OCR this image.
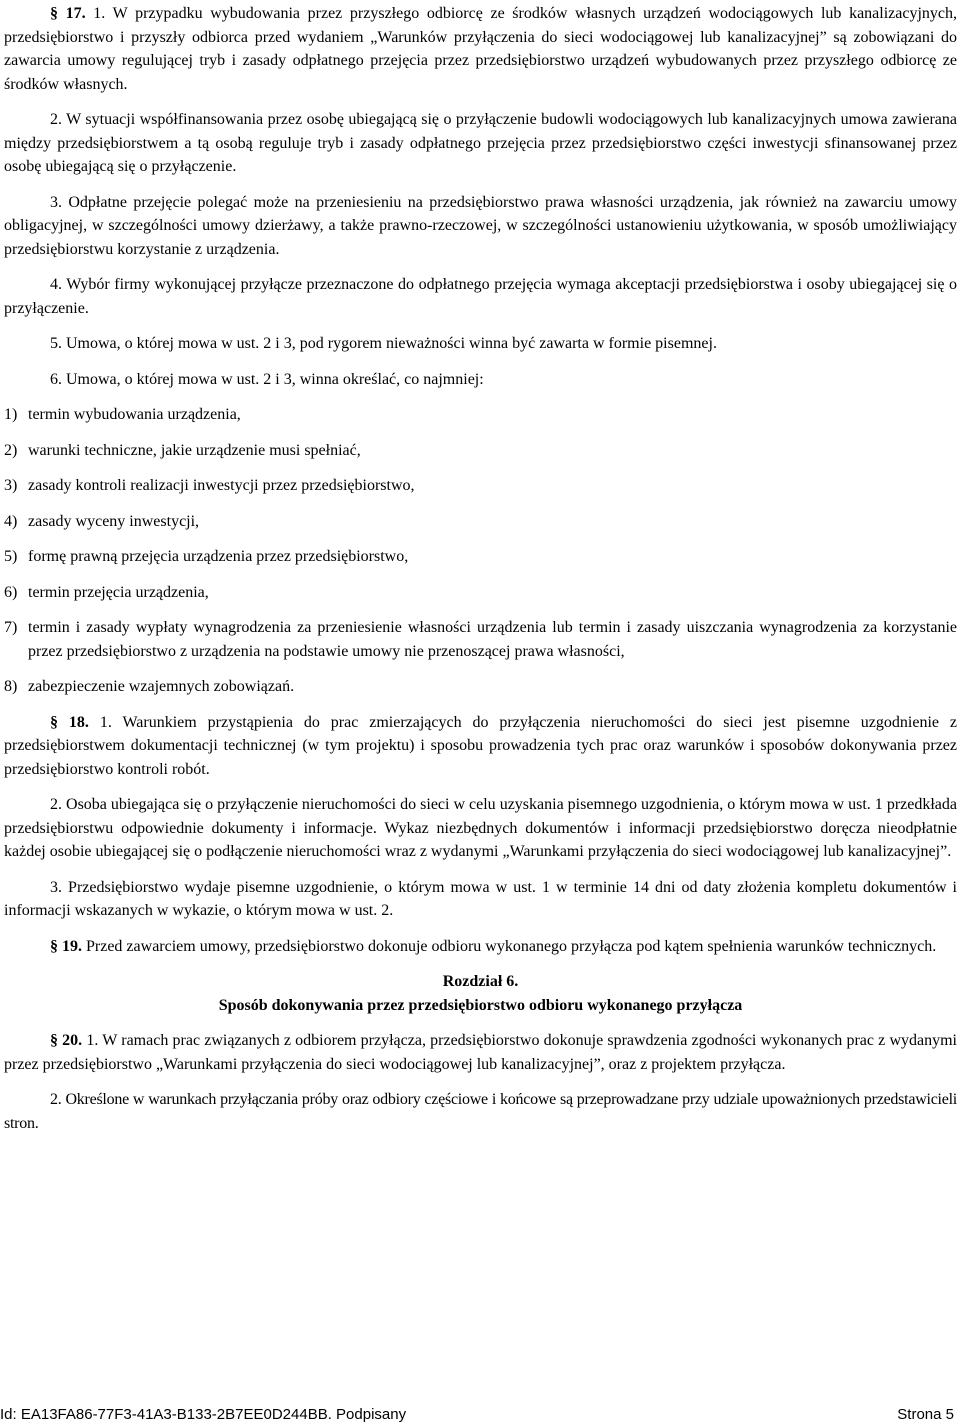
§ 17. 1. W przypadku wybudowania przez przyszłego odbiorcę ze środków własnych urządzeń wodociągowych lub kanalizacyjnych, przedsiębiorstwo i przyszły odbiorca przed wydaniem „Warunków przyłączenia do sieci wodociągowej lub kanalizacyjnej” są zobowiązani do zawarcia umowy regulującej tryb i zasady odpłatnego przejęcia przez przedsiębiorstwo urządzeń wybudowanych przez przyszłego odbiorcę ze środków własnych.

2. W sytuacji współfinansowania przez osobę ubiegającą się o przyłączenie budowli wodociągowych lub kanalizacyjnych umowa zawierana między przedsiębiorstwem a tą osobą reguluje tryb i zasady odpłatnego przejęcia przez przedsiębiorstwo części inwestycji sfinansowanej przez osobę ubiegającą się o przyłączenie.

3. Odpłatne przejęcie polegać może na przeniesieniu na przedsiębiorstwo prawa własności urządzenia, jak również na zawarciu umowy obligacyjnej, w szczególności umowy dzierżawy, a także prawno-rzeczowej, w szczególności ustanowieniu użytkowania, w sposób umożliwiający przedsiębiorstwu korzystanie z urządzenia.

4. Wybór firmy wykonującej przyłącze przeznaczone do odpłatnego przejęcia wymaga akceptacji przedsiębiorstwa i osoby ubiegającej się o przyłączenie.

5. Umowa, o której mowa w ust. 2 i 3, pod rygorem nieważności winna być zawarta w formie pisemnej.

6. Umowa, o której mowa w ust. 2 i 3, winna określać, co najmniej:

1) termin wybudowania urządzenia,
2) warunki techniczne, jakie urządzenie musi spełniać,
3) zasady kontroli realizacji inwestycji przez przedsiębiorstwo,
4) zasady wyceny inwestycji,
5) formę prawną przejęcia urządzenia przez przedsiębiorstwo,
6) termin przejęcia urządzenia,
7) termin i zasady wypłaty wynagrodzenia za przeniesienie własności urządzenia lub termin i zasady uiszczania wynagrodzenia za korzystanie przez przedsiębiorstwo z urządzenia na podstawie umowy nie przenoszącej prawa własności,
8) zabezpieczenie wzajemnych zobowiązań.

§ 18. 1. Warunkiem przystąpienia do prac zmierzających do przyłączenia nieruchomości do sieci jest pisemne uzgodnienie z przedsiębiorstwem dokumentacji technicznej (w tym projektu) i sposobu prowadzenia tych prac oraz warunków i sposobów dokonywania przez przedsiębiorstwo kontroli robót.

2. Osoba ubiegająca się o przyłączenie nieruchomości do sieci w celu uzyskania pisemnego uzgodnienia, o którym mowa w ust. 1 przedkłada przedsiębiorstwu odpowiednie dokumenty i informacje. Wykaz niezbędnych dokumentów i informacji przedsiębiorstwo doręcza nieodpłatnie każdej osobie ubiegającej się o podłączenie nieruchomości wraz z wydanymi „Warunkami przyłączenia do sieci wodociągowej lub kanalizacyjnej”.

3. Przedsiębiorstwo wydaje pisemne uzgodnienie, o którym mowa w ust. 1 w terminie 14 dni od daty złożenia kompletu dokumentów i informacji wskazanych w wykazie, o którym mowa w ust. 2.

§ 19. Przed zawarciem umowy, przedsiębiorstwo dokonuje odbioru wykonanego przyłącza pod kątem spełnienia warunków technicznych.

Rozdział 6.
Sposób dokonywania przez przedsiębiorstwo odbioru wykonanego przyłącza

§ 20. 1. W ramach prac związanych z odbiorem przyłącza, przedsiębiorstwo dokonuje sprawdzenia zgodności wykonanych prac z wydanymi przez przedsiębiorstwo „Warunkami przyłączenia do sieci wodociągowej lub kanalizacyjnej”, oraz z projektem przyłącza.

2. Określone w warunkach przyłączania próby oraz odbiory częściowe i końcowe są przeprowadzane przy udziale upoważnionych przedstawicieli stron.

Id: EA13FA86-77F3-41A3-B133-2B7EE0D244BB. Podpisany	Strona 5
